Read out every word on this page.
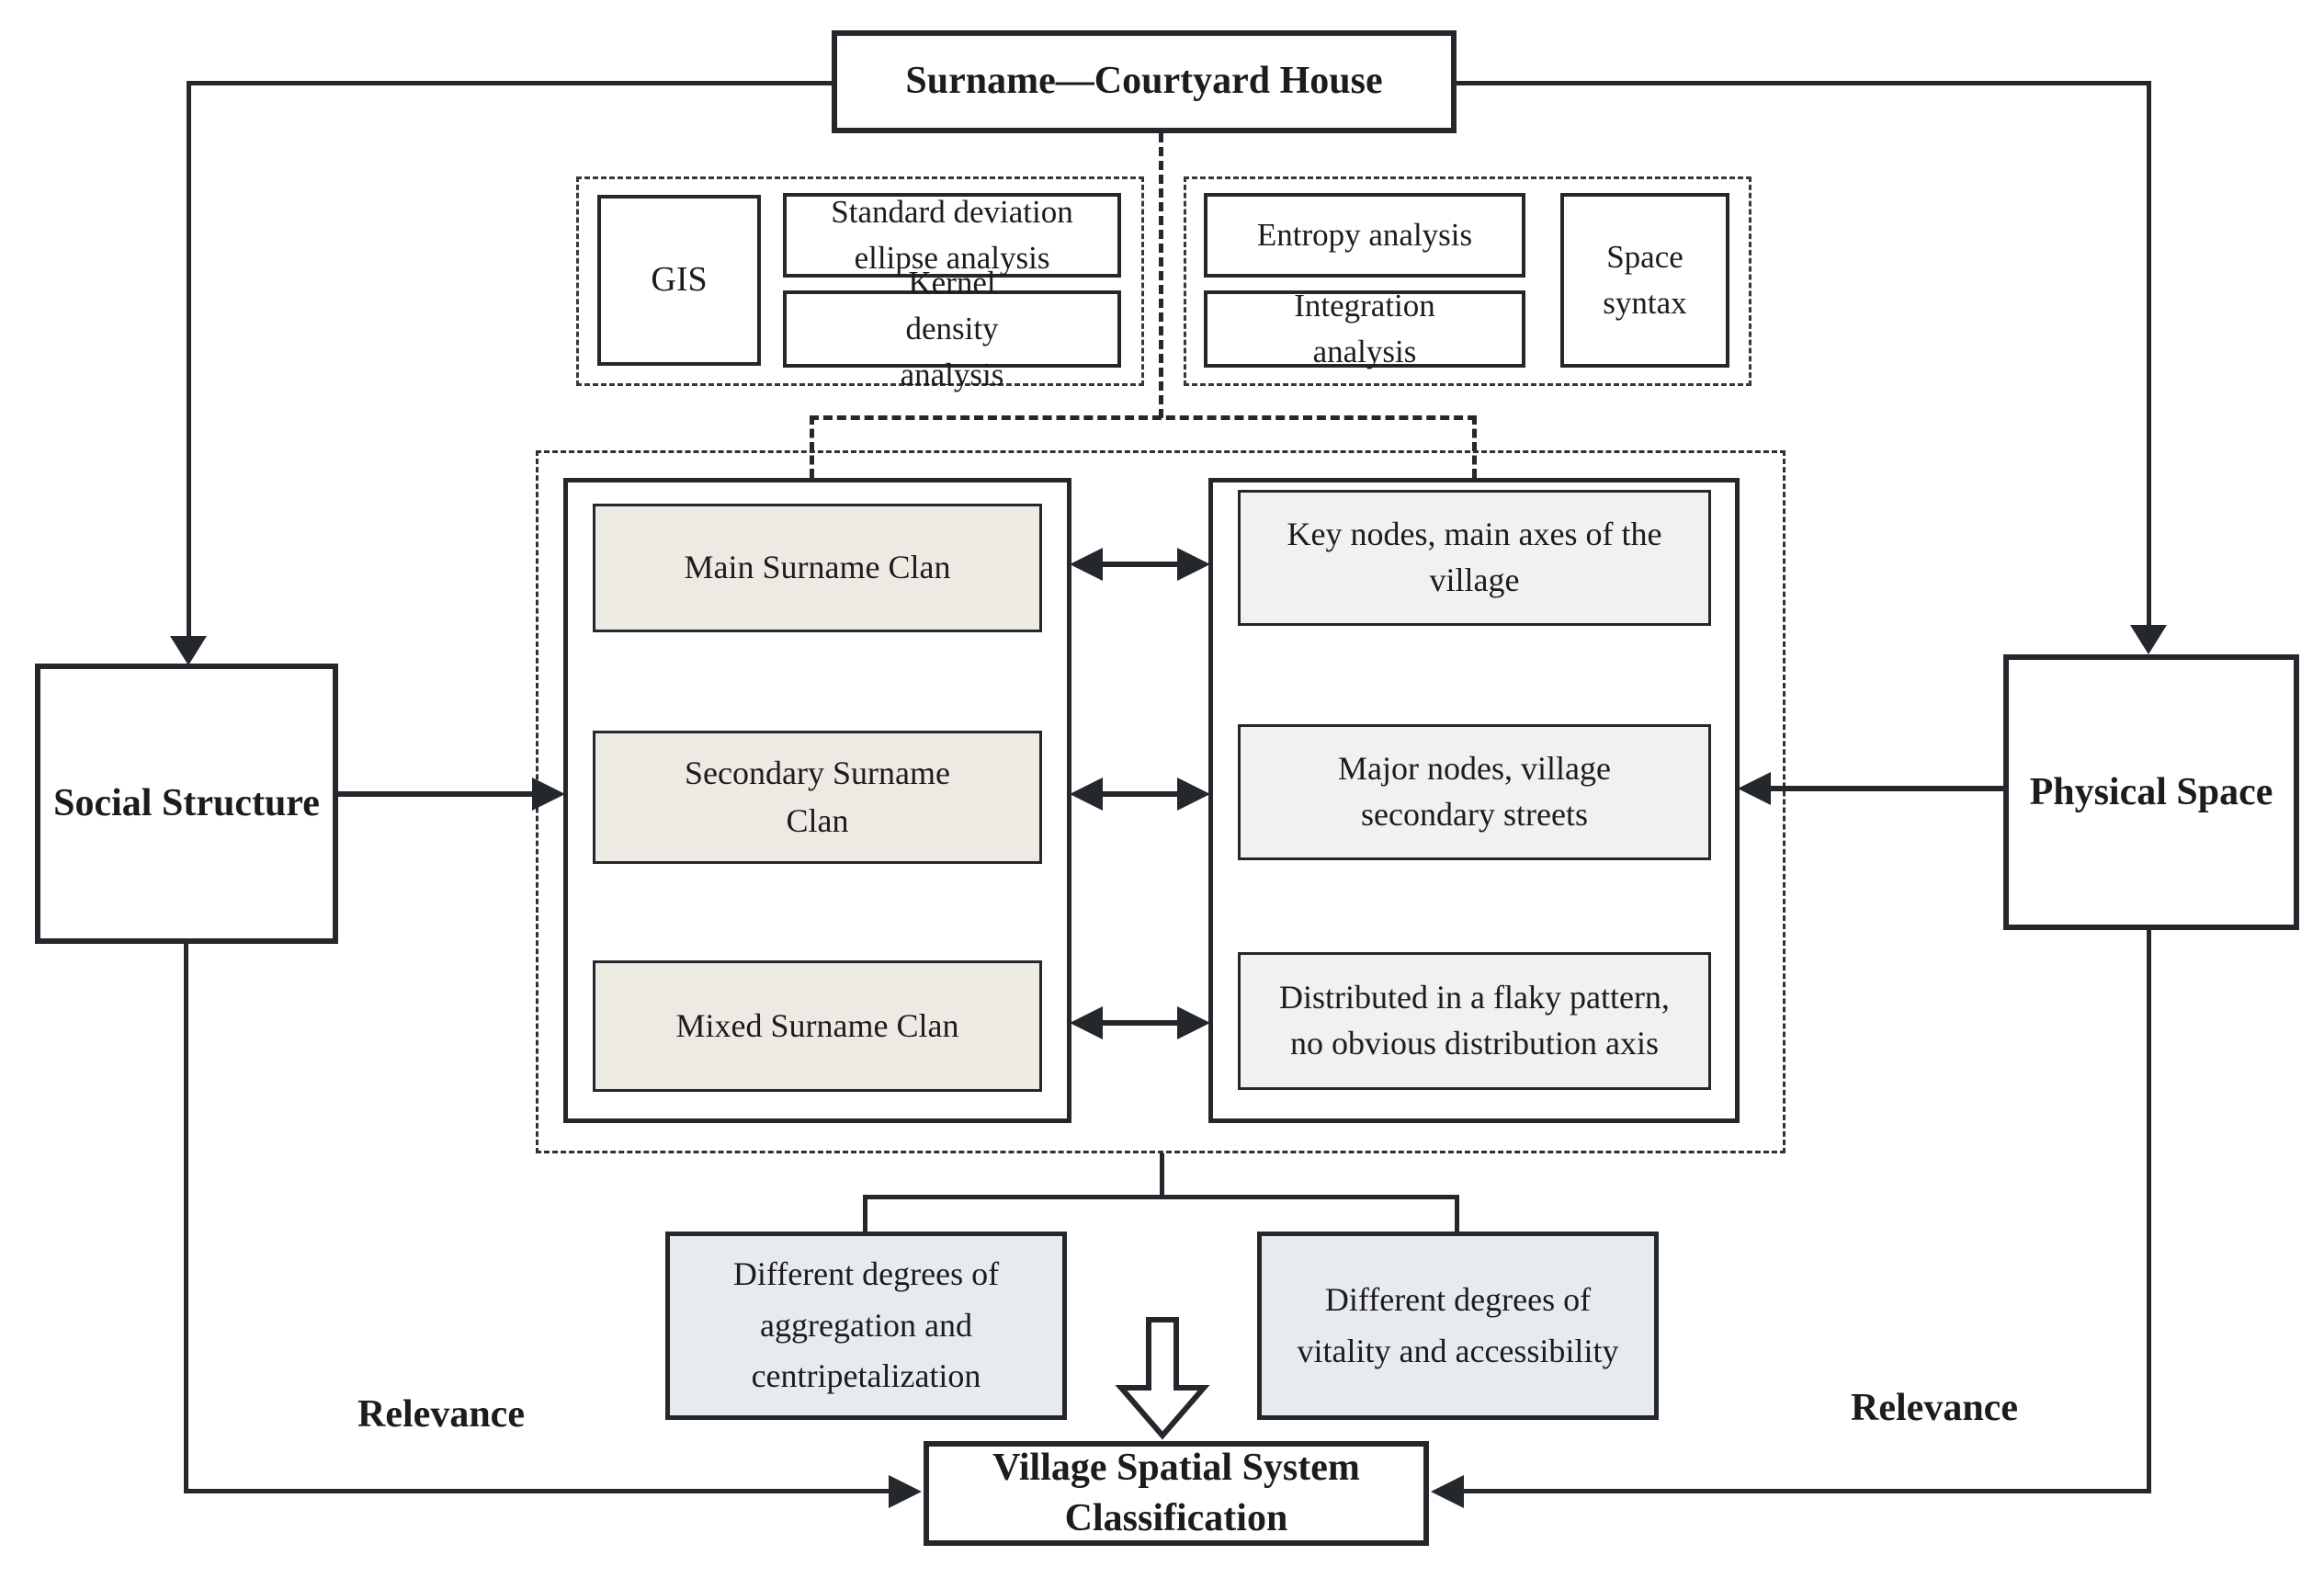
Surname—Courtyard House
GIS
Standard deviation ellipse analysis
Kernel density analysis
Entropy analysis
Integration analysis
Space syntax
Main Surname Clan
Secondary Surname Clan
Mixed Surname Clan
Key nodes, main axes of the village
Major nodes, village secondary streets
Distributed in a flaky pattern, no obvious distribution axis
Social Structure	Physical Space
Different degrees of aggregation and centripetalization
Different degrees of vitality and accessibility
Relevance	Relevance
Village Spatial System Classification
